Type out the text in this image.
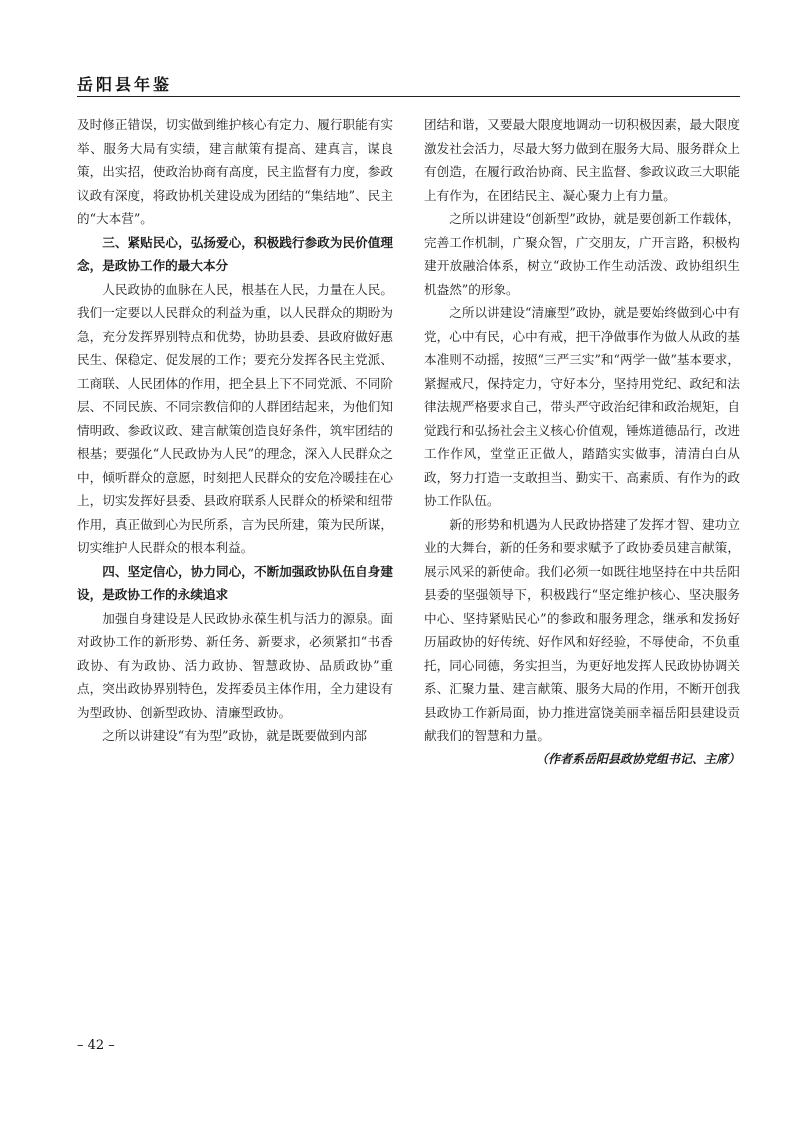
岳阳县年鉴

及时修正错误，切实做到维护核心有定力、履行职能有实举、服务大局有实绩，建言献策有提高、建真言，谋良策，出实招，使政治协商有高度，民主监督有力度，参政议政有深度，将政协机关建设成为团结的“集结地”、民主的“大本营”。

三、紧贴民心，弘扬爱心，积极践行参政为民价值理念，是政协工作的最大本分

人民政协的血脉在人民，根基在人民，力量在人民。我们一定要以人民群众的利益为重，以人民群众的期盼为急，充分发挥界别特点和优势，协助县委、县政府做好惠民生、保稳定、促发展的工作；要充分发挥各民主党派、工商联、人民团体的作用，把全县上下不同党派、不同阶层、不同民族、不同宗教信仰的人群团结起来，为他们知情明政、参政议政、建言献策创造良好条件，筑牢团结的根基；要强化“人民政协为人民”的理念，深入人民群众之中，倾听群众的意愿，时刻把人民群众的安危冷暖挂在心上，切实发挥好县委、县政府联系人民群众的桥梁和纽带作用，真正做到心为民所系，言为民所建，策为民所谋，切实维护人民群众的根本利益。

四、坚定信心，协力同心，不断加强政协队伍自身建设，是政协工作的永续追求

加强自身建设是人民政协永葆生机与活力的源泉。面对政协工作的新形势、新任务、新要求，必须紧扣“书香政协、有为政协、活力政协、智慧政协、品质政协”重点，突出政协界别特色，发挥委员主体作用，全力建设有为型政协、创新型政协、清廉型政协。

之所以讲建设“有为型”政协，就是既要做到内部

团结和谐，又要最大限度地调动一切积极因素，最大限度激发社会活力，尽最大努力做到在服务大局、服务群众上有创造，在履行政治协商、民主监督、参政议政三大职能上有作为，在团结民主、凝心聚力上有力量。

之所以讲建设“创新型”政协，就是要创新工作载体，完善工作机制，广聚众智，广交朋友，广开言路，积极构建开放融洽体系，树立“政协工作生动活泼、政协组织生机盎然”的形象。

之所以讲建设“清廉型”政协，就是要始终做到心中有党，心中有民，心中有戒，把干净做事作为做人从政的基本准则不动摇，按照“三严三实”和“两学一做”基本要求，紧握戒尺，保持定力，守好本分，坚持用党纪、政纪和法律法规严格要求自己，带头严守政治纪律和政治规矩，自觉践行和弘扬社会主义核心价值观，锤炼道德品行，改进工作作风，堂堂正正做人，踏踏实实做事，清清白白从政，努力打造一支敢担当、勤实干、高素质、有作为的政协工作队伍。

新的形势和机遇为人民政协搭建了发挥才智、建功立业的大舞台，新的任务和要求赋予了政协委员建言献策，展示风采的新使命。我们必须一如既往地坚持在中共岳阳县委的坚强领导下，积极践行“坚定维护核心、坚决服务中心、坚持紧贴民心”的参政和服务理念，继承和发扬好历届政协的好传统、好作风和好经验，不辱使命，不负重托，同心同德，务实担当，为更好地发挥人民政协协调关系、汇聚力量、建言献策、服务大局的作用，不断开创我县政协工作新局面，协力推进富饶美丽幸福岳阳县建设贡献我们的智慧和力量。

（作者系岳阳县政协党组书记、主席）

– 42 –
